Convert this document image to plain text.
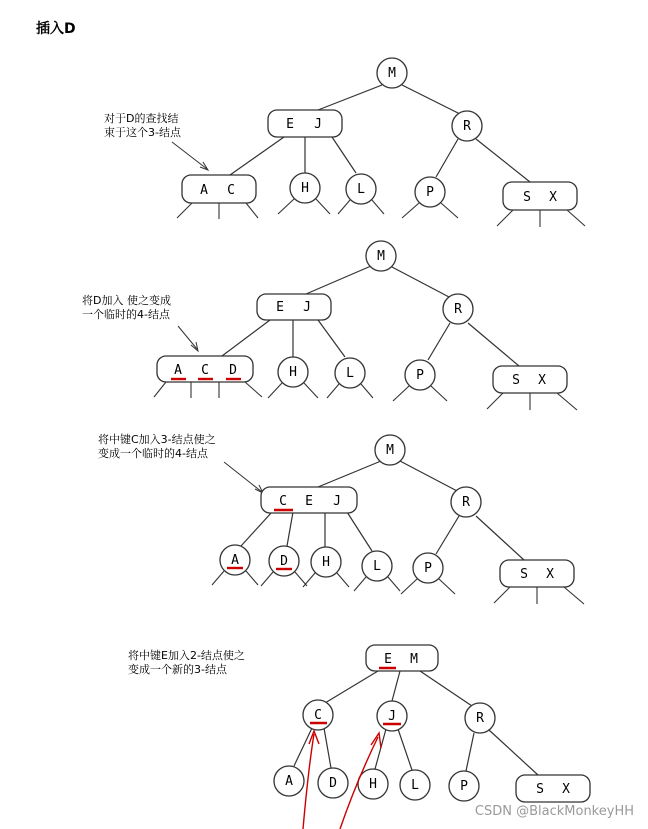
插入D
对于D的查找结
束于这个3-结点
M
E J	R
A C	H	L	P	S X
将D加入 使之变成
一个临时的4-结点
M
E J	R
A C D	H	L	P	S X
将中键C加入3-结点使之
变成一个临时的4-结点	M
C E J	R
A	D	H	L	P	S X
将中键E加入2-结点使之
变成一个新的3-结点
E M
C	J	R
A	D H	L	P	S X
CSDN @BlackMonkeyHH
